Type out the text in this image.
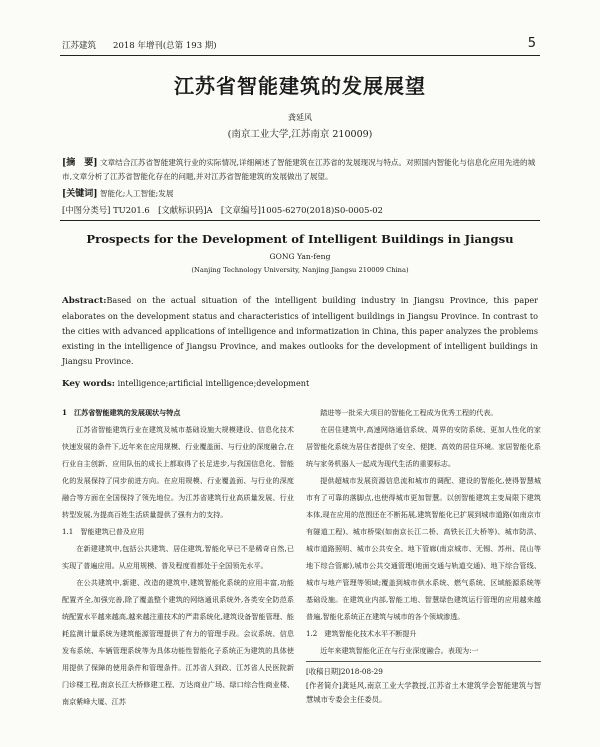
江苏建筑　　 2018 年增刊(总第 193 期)	5
江苏省智能建筑的发展展望
龚延风
(南京工业大学,江苏南京 210009)
[摘　要] 文章结合江苏省智能建筑行业的实际情况,详细阐述了智能建筑在江苏省的发展现况与特点。对照国内智能化与信息化应用先进的城市,文章分析了江苏省智能化存在的问题,并对江苏省智能建筑的发展做出了展望。
[关键词] 智能化;人工智能;发展
[中图分类号] TU201.6　[文献标识码]A　[文章编号]1005-6270(2018)S0-0005-02
Prospects for the Development of Intelligent Buildings in Jiangsu
GONG Yan-feng
(Nanjing Technology University, Nanjing Jiangsu 210009 China)
Abstract:Based on the actual situation of the intelligent building industry in Jiangsu Province, this paper elaborates on the development status and characteristics of intelligent buildings in Jiangsu Province. In contrast to the cities with advanced applications of intelligence and informatization in China, this paper analyzes the problems existing in the intelligence of Jiangsu Province, and makes outlooks for the development of intelligent buildings in Jiangsu Province.
Key words: intelligence;artificial intelligence;development

1　江苏省智能建筑的发展现状与特点

江苏省智能建筑行业在建筑及城市基础设施大规模建设、信息化技术快速发展的条件下,近年来在应用规模、行业覆盖面、与行业的深度融合,在行业自主创新、应用队伍的成长上都取得了长足进步,与我国信息化、智能化的发展保持了同步前进方向。在应用规模、行业覆盖面、与行业的深度融合等方面在全国保持了领先地位。为江苏省建筑行业高质量发展、行业转型发展,为提高百姓生活质量提供了强有力的支持。

1.1　智能建筑已普及应用

在新建建筑中,包括公共建筑、居住建筑,智能化早已不是稀奇自然,已实现了普遍应用。从应用规模、普及程度看都处于全国领先水平。

在公共建筑中,新建、改造的建筑中,建筑智能化系统的应用丰富,功能配置齐全,加强完善,除了覆盖整个建筑的网络通讯系统外,各类安全防范系统配置水平越来越高,越来越注重技术的严肃系统化,建筑设备智能管理、能耗监测计量系统为建筑能源管理提供了有力的管理手段。会议系统、信息发布系统、车辆管理系统等为具体功能性智能化子系统正为建筑的具体使用提供了保障的使用条件和管理条件。江苏省人到政、江苏省人民医院新门诊楼工程,南京长江大桥修建工程、万达商业广场、绿口综合性商业楼、南京紫峰大厦、江苏

踏进等一批采大项目的智能化工程成为优秀工程的代表。

在居住建筑中,高速网络通信系统、周界的安防系统、更加人性化的家居智能化系统为居住者提供了安全、便捷、高效的居住环境。家居智能化系统与家务机器人一起成为现代生活的重要标志。

提供超城市发展资源信息流和城市的调配、建设的智能化,使得智慧城市有了可靠的落脚点,也使得城市更加智慧。以创智能建筑主变局限下建筑本体,现在应用的范围还在不断拓展,建筑智能化已扩展到城市道路(如南京市有隧道工程)、城市桥梁(如南京长江二桥、高铁长江大桥等)、城市防洪、城市道路照明、城市公共安全、地下管廊(南京城市、无锡、苏州、昆山等地下综合管廊),城市公共交通管理(地面交通与轨道交通)、地下综合管线、城市与地产管理等领域;覆盖到城市供水系统、燃气系统、区域能源系统等基础设施。在建筑业内部,智能工地、智慧绿色建筑运行管理的应用越来越普遍,智能化系统正在建筑与城市的各个领域渗透。

1.2　建筑智能化技术水平不断提升

近年来建筑智能化正在与行业深度融合。表现为:一

[收稿日期]2018-08-29
[作者简介]龚延风,南京工业大学教授,江苏省土木建筑学会智能建筑与智慧城市专委会主任委员。
